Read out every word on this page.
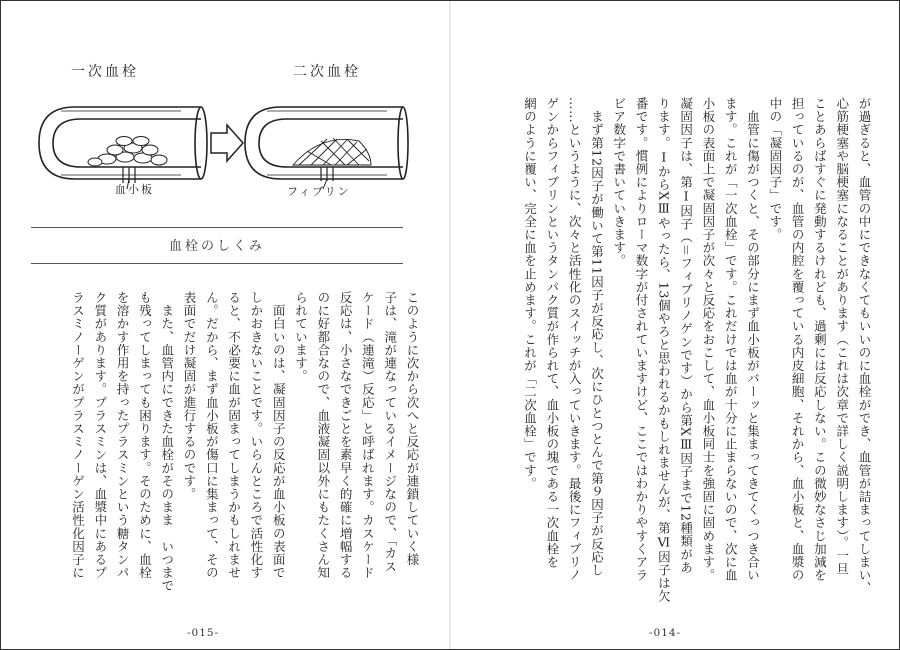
一次血栓	二次血栓
血小板	フィブリン
血栓のしくみ
このように次から次へと反応が連鎖していく様
子は、滝が連なっているイメージなので、「カス
ケード（連滝）反応」と呼ばれます。カスケード
反応は、小さなできごとを素早く的確に増幅する
のに好都合なので、血液凝固以外にもたくさん知
られています。
　面白いのは、凝固因子の反応が血小板の表面で
しかおきないことです。いらんところで活性化す
ると、不必要に血が固まってしまうかもしれませ
ん。だから、まず血小板が傷口に集まって、その
表面でだけ凝固が進行するのです。
　また、血管内にできた血栓がそのまま　いつまで
も残ってしまっても困ります。そのために、血栓
を溶かす作用を持ったプラスミンという糖タンパ
ク質があります。プラスミンは、血漿中にあるプ
ラスミノーゲンがプラスミノーゲン活性化因子に
-015-
が過ぎると、血管の中にできなくてもいいのに血栓ができ、血管が詰まってしまい、
心筋梗塞や脳梗塞になることがあります（これは次章で詳しく説明します）。一旦
ことあらばすぐに発動するけれども、過剰には反応しない。この微妙なさじ加減を
担っているのが、血管の内腔を覆っている内皮細胞、それから、血小板と、血漿の
中の「凝固因子」です。
　血管に傷がつくと、その部分にまず血小板がバーッと集まってきてくっつき合い
ます。これが「一次血栓」です。これだけでは血が十分に止まらないので、次に血
小板の表面上で凝固因子が次々と反応をおこして、血小板同士を強固に固めます。
凝固因子は、第Ⅰ因子（＝フィブリノゲンです）から第XⅢ因子まで12種類があ
ります。ⅠからXⅢやったら、13個やろと思われるかもしれませんが、第Ⅵ因子は欠
番です。慣例によりローマ数字が付されていますけど、ここではわかりやすくアラ
ビア数字で書いていきます。
　まず第12因子が働いて第11因子が反応し、次にひとつとんで第９因子が反応し
……というように、次々と活性化のスイッチが入っていきます。最後にフィブリノ
ゲンからフィブリンというタンパク質が作られて、血小板の塊である一次血栓を
網のように覆い、完全に血を止めます。これが「二次血栓」です。
-014-
